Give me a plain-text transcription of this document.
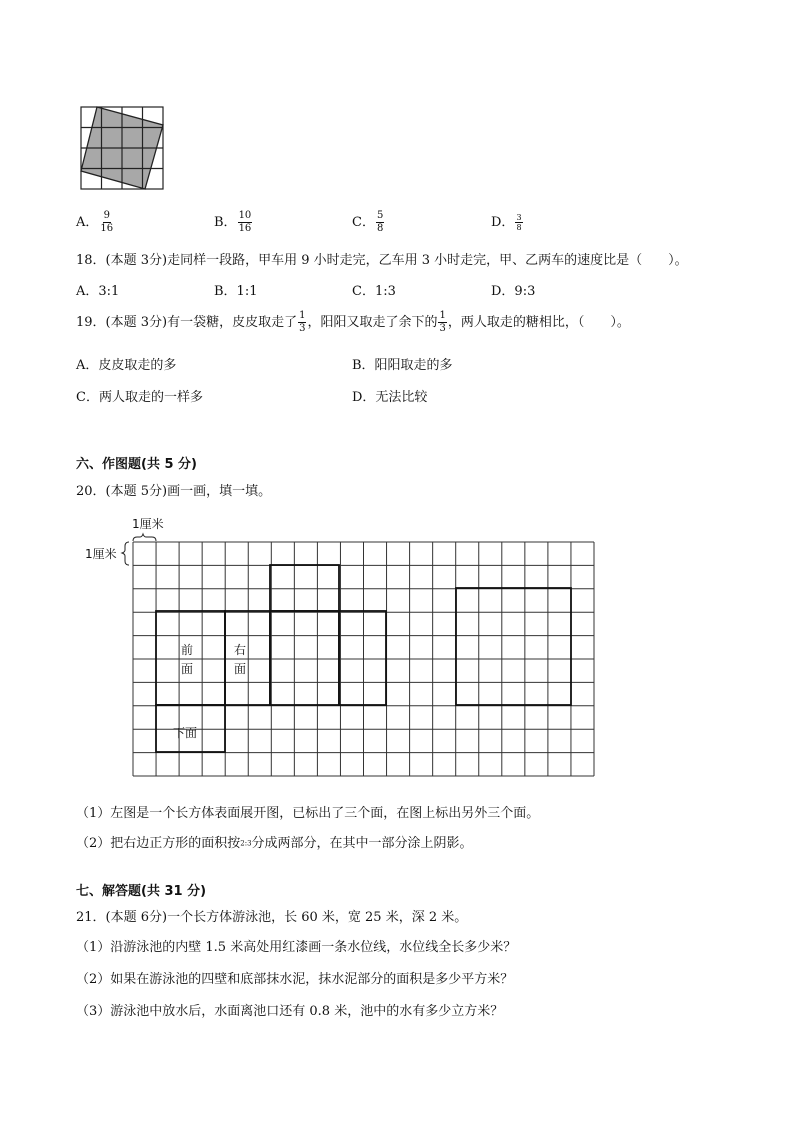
A． $\frac{9}{16}$	B． $\frac{10}{16}$	C． $\frac{5}{8}$	D． $\frac{3}{8}$
18．(本题 3分)走同样一段路，甲车用 9 小时走完，乙车用 3 小时走完，甲、乙两车的速度比是（　　）。
A．3:1	B．1:1	C．1:3	D．9:3
19．(本题 3分)有一袋糖，皮皮取走了 $\frac{1}{3}$ ，阳阳又取走了余下的 $\frac{1}{3}$ ，两人取走的糖相比，（　　）。
A．皮皮取走的多	B．阳阳取走的多
C．两人取走的一样多	D．无法比较
六、作图题(共 5 分)
20．(本题 5分)画一画，填一填。
1厘米
1厘米
前
面
右
面
下面
（1）左图是一个长方体表面展开图，已标出了三个面，在图上标出另外三个面。
（2）把右边正方形的面积按2:3分成两部分，在其中一部分涂上阴影。
七、解答题(共 31 分)
21．(本题 6分)一个长方体游泳池，长 60 米，宽 25 米，深 2 米。
（1）沿游泳池的内壁 1.5 米高处用红漆画一条水位线，水位线全长多少米？
（2）如果在游泳池的四壁和底部抹水泥，抹水泥部分的面积是多少平方米？
（3）游泳池中放水后，水面离池口还有 0.8 米，池中的水有多少立方米？
